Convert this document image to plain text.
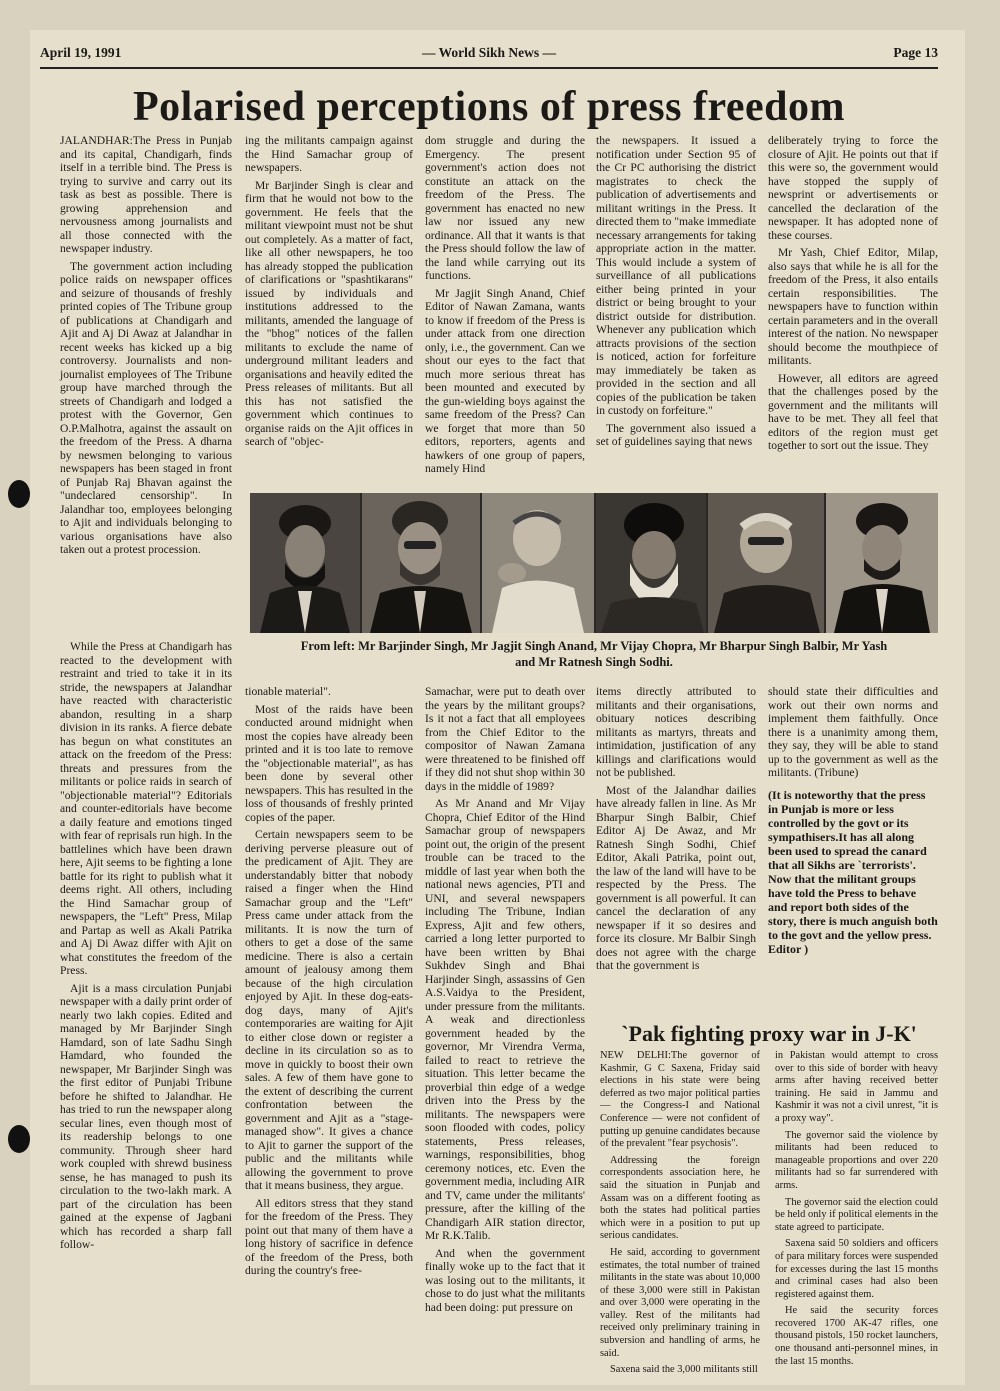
April 19, 1991	— World Sikh News —	Page 13
Polarised perceptions of press freedom

JALANDHAR:The Press in Punjab and its capital, Chandigarh, finds itself in a terrible bind. The Press is trying to survive and carry out its task as best as possible. There is growing apprehension and nervousness among journalists and all those connected with the newspaper industry.

The government action including police raids on newspaper offices and seizure of thousands of freshly printed copies of The Tribune group of publications at Chandigarh and Ajit and Aj Di Awaz at Jalandhar in recent weeks has kicked up a big controversy. Journalists and non-journalist employees of The Tribune group have marched through the streets of Chandigarh and lodged a protest with the Governor, Gen O.P.Malhotra, against the assault on the freedom of the Press. A dharna by newsmen belonging to various newspapers has been staged in front of Punjab Raj Bhavan against the "undeclared censorship". In Jalandhar too, employees belonging to Ajit and individuals belonging to various organisations have also taken out a protest procession.

ing the militants campaign against the Hind Samachar group of newspapers.

Mr Barjinder Singh is clear and firm that he would not bow to the government. He feels that the militant viewpoint must not be shut out completely. As a matter of fact, like all other newspapers, he too has already stopped the publication of clarifications or "spashtikarans" issued by individuals and institutions addressed to the militants, amended the language of the "bhog" notices of the fallen militants to exclude the name of underground militant leaders and organisations and heavily edited the Press releases of militants. But all this has not satisfied the government which continues to organise raids on the Ajit offices in search of "objec-

dom struggle and during the Emergency. The present government's action does not constitute an attack on the freedom of the Press. The government has enacted no new law nor issued any new ordinance. All that it wants is that the Press should follow the law of the land while carrying out its functions.

Mr Jagjit Singh Anand, Chief Editor of Nawan Zamana, wants to know if freedom of the Press is under attack from one direction only, i.e., the government. Can we shout our eyes to the fact that much more serious threat has been mounted and executed by the gun-wielding boys against the same freedom of the Press? Can we forget that more than 50 editors, reporters, agents and hawkers of one group of papers, namely Hind

the newspapers. It issued a notification under Section 95 of the Cr PC authorising the district magistrates to check the publication of advertisements and militant writings in the Press. It directed them to "make immediate necessary arrangements for taking appropriate action in the matter. This would include a system of surveillance of all publications either being printed in your district or being brought to your district outside for distribution. Whenever any publication which attracts provisions of the section is noticed, action for forfeiture may immediately be taken as provided in the section and all copies of the publication be taken in custody on forfeiture."

The government also issued a set of guidelines saying that news

deliberately trying to force the closure of Ajit. He points out that if this were so, the government would have stopped the supply of newsprint or advertisements or cancelled the declaration of the newspaper. It has adopted none of these courses.

Mr Yash, Chief Editor, Milap, also says that while he is all for the freedom of the Press, it also entails certain responsibilities. The newspapers have to function within certain parameters and in the overall interest of the nation. No newspaper should become the mouthpiece of militants.

However, all editors are agreed that the challenges posed by the government and the militants will have to be met. They all feel that editors of the region must get together to sort out the issue. They

From left: Mr Barjinder Singh, Mr Jagjit Singh Anand, Mr Vijay Chopra, Mr Bharpur Singh Balbir, Mr Yash
and Mr Ratnesh Singh Sodhi.

While the Press at Chandigarh has reacted to the development with restraint and tried to take it in its stride, the newspapers at Jalandhar have reacted with characteristic abandon, resulting in a sharp division in its ranks. A fierce debate has begun on what constitutes an attack on the freedom of the Press: threats and pressures from the militants or police raids in search of "objectionable material"? Editorials and counter-editorials have become a daily feature and emotions tinged with fear of reprisals run high. In the battlelines which have been drawn here, Ajit seems to be fighting a lone battle for its right to publish what it deems right. All others, including the Hind Samachar group of newspapers, the "Left" Press, Milap and Partap as well as Akali Patrika and Aj Di Awaz differ with Ajit on what constitutes the freedom of the Press.

Ajit is a mass circulation Punjabi newspaper with a daily print order of nearly two lakh copies. Edited and managed by Mr Barjinder Singh Hamdard, son of late Sadhu Singh Hamdard, who founded the newspaper, Mr Barjinder Singh was the first editor of Punjabi Tribune before he shifted to Jalandhar. He has tried to run the newspaper along secular lines, even though most of its readership belongs to one community. Through sheer hard work coupled with shrewd business sense, he has managed to push its circulation to the two-lakh mark. A part of the circulation has been gained at the expense of Jagbani which has recorded a sharp fall follow-

tionable material".

Most of the raids have been conducted around midnight when most the copies have already been printed and it is too late to remove the "objectionable material", as has been done by several other newspapers. This has resulted in the loss of thousands of freshly printed copies of the paper.

Certain newspapers seem to be deriving perverse pleasure out of the predicament of Ajit. They are understandably bitter that nobody raised a finger when the Hind Samachar group and the "Left" Press came under attack from the militants. It is now the turn of others to get a dose of the same medicine. There is also a certain amount of jealousy among them because of the high circulation enjoyed by Ajit. In these dog-eats-dog days, many of Ajit's contemporaries are waiting for Ajit to either close down or register a decline in its circulation so as to move in quickly to boost their own sales. A few of them have gone to the extent of describing the current confrontation between the government and Ajit as a "stage-managed show". It gives a chance to Ajit to garner the support of the public and the militants while allowing the government to prove that it means business, they argue.

All editors stress that they stand for the freedom of the Press. They point out that many of them have a long history of sacrifice in defence of the freedom of the Press, both during the country's free-

Samachar, were put to death over the years by the militant groups? Is it not a fact that all employees from the Chief Editor to the compositor of Nawan Zamana were threatened to be finished off if they did not shut shop within 30 days in the middle of 1989?

As Mr Anand and Mr Vijay Chopra, Chief Editor of the Hind Samachar group of newspapers point out, the origin of the present trouble can be traced to the middle of last year when both the national news agencies, PTI and UNI, and several newspapers including The Tribune, Indian Express, Ajit and few others, carried a long letter purported to have been written by Bhai Sukhdev Singh and Bhai Harjinder Singh, assassins of Gen A.S.Vaidya to the President, under pressure from the militants. A weak and directionless government headed by the governor, Mr Virendra Verma, failed to react to retrieve the situation. This letter became the proverbial thin edge of a wedge driven into the Press by the militants. The newspapers were soon flooded with codes, policy statements, Press releases, warnings, responsibilities, bhog ceremony notices, etc. Even the government media, including AIR and TV, came under the militants' pressure, after the killing of the Chandigarh AIR station director, Mr R.K.Talib.

And when the government finally woke up to the fact that it was losing out to the militants, it chose to do just what the militants had been doing: put pressure on

items directly attributed to militants and their organisations, obituary notices describing militants as martyrs, threats and intimidation, justification of any killings and clarifications would not be published.

Most of the Jalandhar dailies have already fallen in line. As Mr Bharpur Singh Balbir, Chief Editor Aj De Awaz, and Mr Ratnesh Singh Sodhi, Chief Editor, Akali Patrika, point out, the law of the land will have to be respected by the Press. The government is all powerful. It can cancel the declaration of any newspaper if it so desires and force its closure. Mr Balbir Singh does not agree with the charge that the government is

should state their difficulties and work out their own norms and implement them faithfully. Once there is a unanimity among them, they say, they will be able to stand up to the government as well as the militants. (Tribune)

(It is noteworthy that the press in Punjab is more or less controlled by the govt or its sympathisers.It has all along been used to spread the canard that all Sikhs are `terrorists'. Now that the militant groups have told the Press to behave and report both sides of the story, there is much anguish both to the govt and the yellow press. Editor )

`Pak fighting proxy war in J-K'

NEW DELHI:The governor of Kashmir, G C Saxena, Friday said elections in his state were being deferred as two major political parties — the Congress-I and National Conference — were not confident of putting up genuine candidates because of the prevalent "fear psychosis".

Addressing the foreign correspondents association here, he said the situation in Punjab and Assam was on a different footing as both the states had political parties which were in a position to put up serious candidates.

He said, according to government estimates, the total number of trained militants in the state was about 10,000 of these 3,000 were still in Pakistan and over 3,000 were operating in the valley. Rest of the militants had received only preliminary training in subversion and handling of arms, he said.

Saxena said the 3,000 militants still

in Pakistan would attempt to cross over to this side of border with heavy arms after having received better training. He said in Jammu and Kashmir it was not a civil unrest, "it is a proxy way".

The governor said the violence by militants had been reduced to manageable proportions and over 220 militants had so far surrendered with arms.

The governor said the election could be held only if political elements in the state agreed to participate.

Saxena said 50 soldiers and officers of para military forces were suspended for excesses during the last 15 months and criminal cases had also been registered against them.

He said the security forces recovered 1700 AK-47 rifles, one thousand pistols, 150 rocket launchers, one thousand anti-personnel mines, in the last 15 months.
